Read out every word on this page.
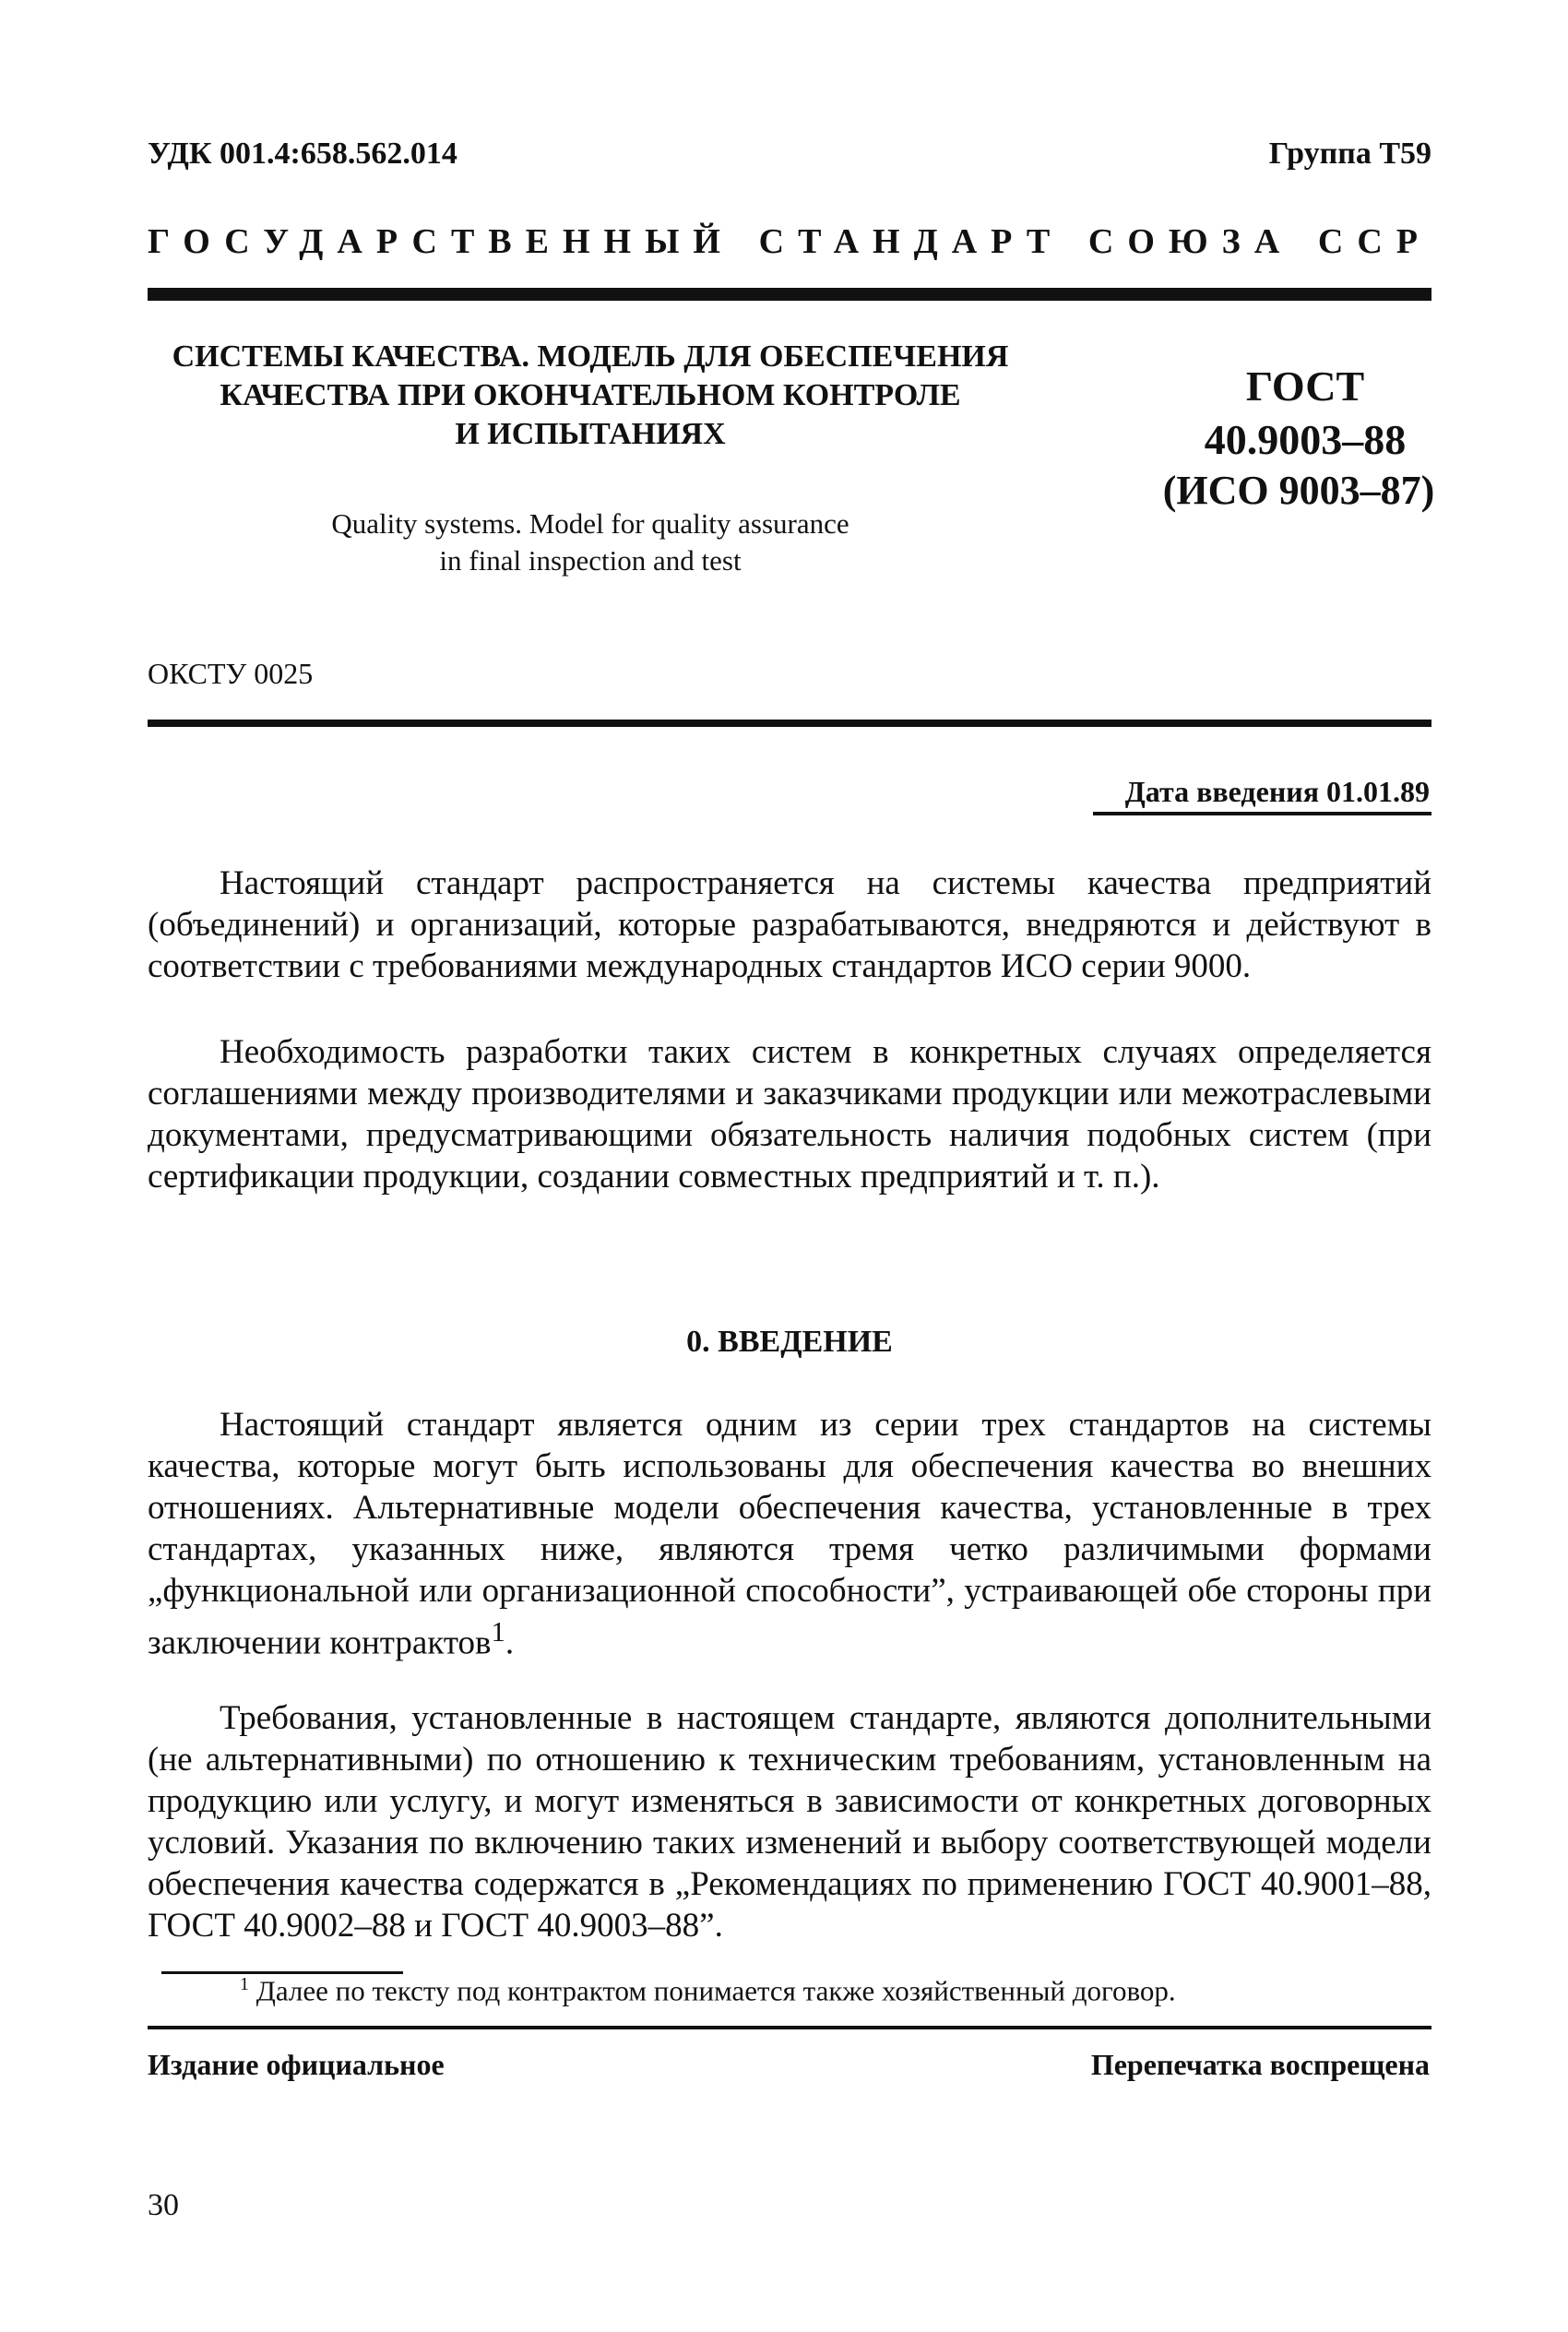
УДК 001.4:658.562.014	Группа Т59
ГОСУДАРСТВЕННЫЙ СТАНДАРТ СОЮЗА ССР
СИСТЕМЫ КАЧЕСТВА. МОДЕЛЬ ДЛЯ ОБЕСПЕЧЕНИЯ
КАЧЕСТВА ПРИ ОКОНЧАТЕЛЬНОМ КОНТРОЛЕ
И ИСПЫТАНИЯХ
Quality systems. Model for quality assurance
in final inspection and test
ГОСТ
40.9003–88
(ИСО 9003–87)
ОКСТУ 0025
Дата введения 01.01.89
Настоящий стандарт распространяется на системы качества предприятий (объединений) и организаций, которые разрабатываются, внедряются и действуют в соответствии с требованиями международных стандартов ИСО серии 9000.
Необходимость разработки таких систем в конкретных случаях определяется соглашениями между производителями и заказчиками продукции или межотраслевыми документами, предусматривающими обязательность наличия подобных систем (при сертификации продукции, создании совместных предприятий и т. п.).
0. ВВЕДЕНИЕ
Настоящий стандарт является одним из серии трех стандартов на системы качества, которые могут быть использованы для обеспечения качества во внешних отношениях. Альтернативные модели обеспечения качества, установленные в трех стандартах, указанных ниже, являются тремя четко различимыми формами „функциональной или организационной способности”, устраивающей обе стороны при заключении контрактов$^1$.
Требования, установленные в настоящем стандарте, являются дополнительными (не альтернативными) по отношению к техническим требованиям, установленным на продукцию или услугу, и могут изменяться в зависимости от конкретных договорных условий. Указания по включению таких изменений и выбору соответствующей модели обеспечения качества содержатся в „Рекомендациях по применению ГОСТ 40.9001–88, ГОСТ 40.9002–88 и ГОСТ 40.9003–88”.
$^1$ Далее по тексту под контрактом понимается также хозяйственный договор.
Издание официальное	Перепечатка воспрещена
30
